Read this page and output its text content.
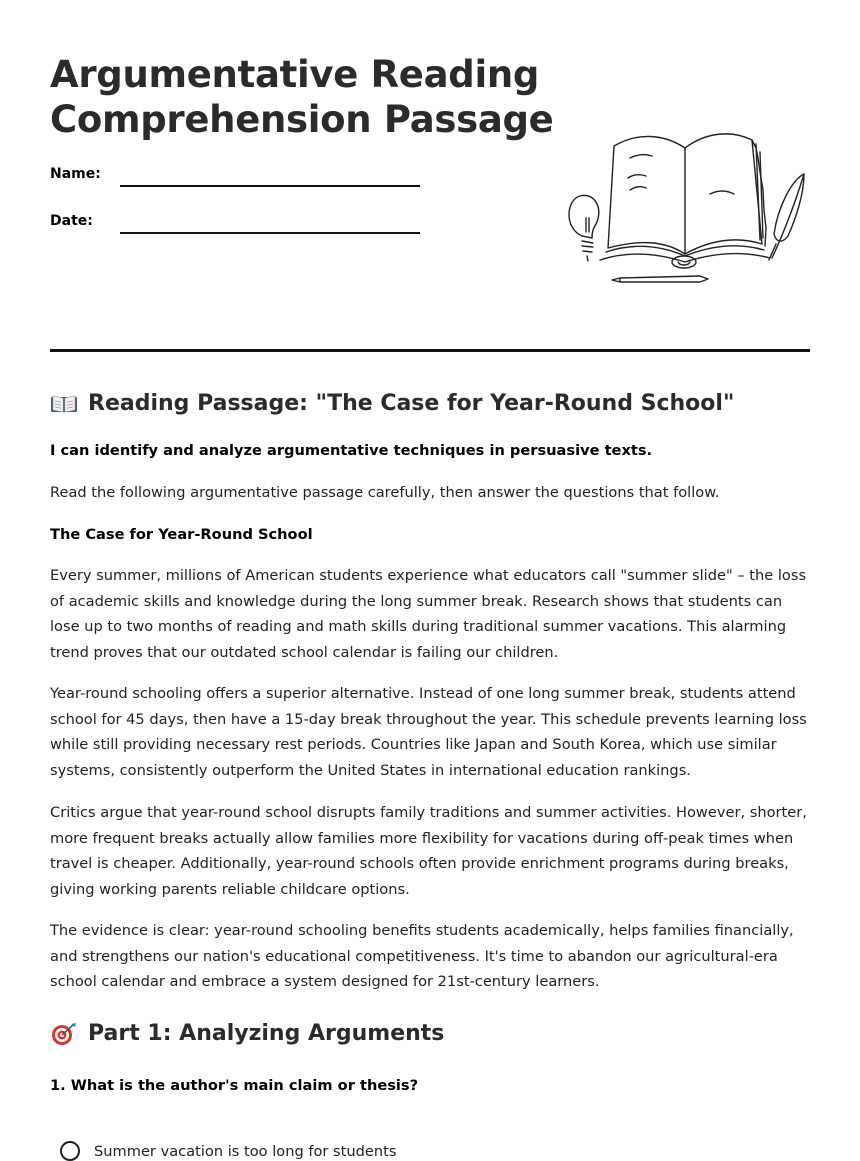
Argumentative Reading Comprehension Passage
Name:
Date:
Reading Passage: "The Case for Year-Round School"

I can identify and analyze argumentative techniques in persuasive texts.

Read the following argumentative passage carefully, then answer the questions that follow.

The Case for Year-Round School

Every summer, millions of American students experience what educators call "summer slide" – the loss of academic skills and knowledge during the long summer break. Research shows that students can lose up to two months of reading and math skills during traditional summer vacations. This alarming trend proves that our outdated school calendar is failing our children.

Year-round schooling offers a superior alternative. Instead of one long summer break, students attend school for 45 days, then have a 15-day break throughout the year. This schedule prevents learning loss while still providing necessary rest periods. Countries like Japan and South Korea, which use similar systems, consistently outperform the United States in international education rankings.

Critics argue that year-round school disrupts family traditions and summer activities. However, shorter, more frequent breaks actually allow families more flexibility for vacations during off-peak times when travel is cheaper. Additionally, year-round schools often provide enrichment programs during breaks, giving working parents reliable childcare options.

The evidence is clear: year-round schooling benefits students academically, helps families financially, and strengthens our nation's educational competitiveness. It's time to abandon our agricultural-era school calendar and embrace a system designed for 21st-century learners.

Part 1: Analyzing Arguments

1. What is the author's main claim or thesis?

Summer vacation is too long for students
